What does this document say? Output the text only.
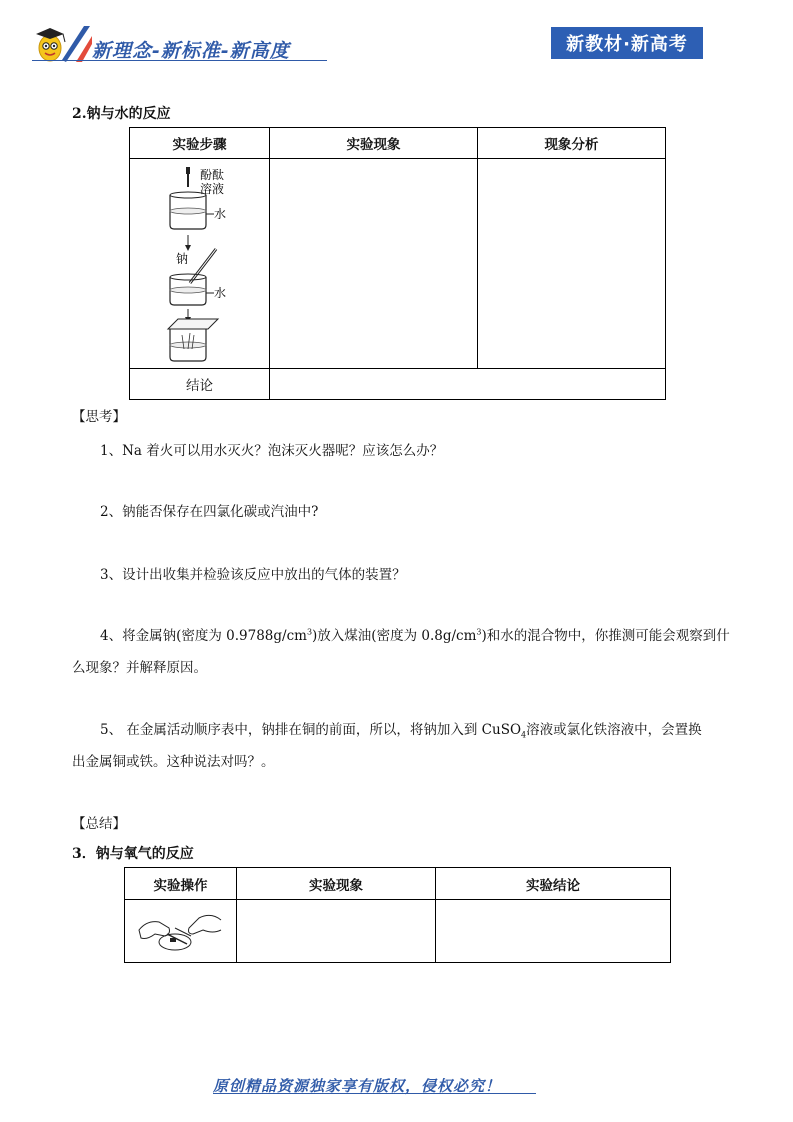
新理念-新标准-新高度	新教材·新高考
2.钠与水的反应
实验步骤	实验现象	现象分析

酚酞
溶液
水
钠
水		

结论		
【思考】
1、Na 着火可以用水灭火？泡沫灭火器呢？应该怎么办？
2、钠能否保存在四氯化碳或汽油中?
3、设计出收集并检验该反应中放出的气体的装置？
4、将金属钠(密度为 $0.9788g/cm^3$)放入煤油(密度为 $0.8g/cm^3$)和水的混合物中，你推测可能会观察到什
么现象？并解释原因。
5、 在金属活动顺序表中，钠排在铜的前面，所以，将钠加入到 CuSO$_4$溶液或氯化铁溶液中，会置换
出金属铜或铁。这种说法对吗？。
【总结】
3．钠与氧气的反应
实验操作	实验现象	实验结论

原创精品资源独家享有版权，侵权必究！
